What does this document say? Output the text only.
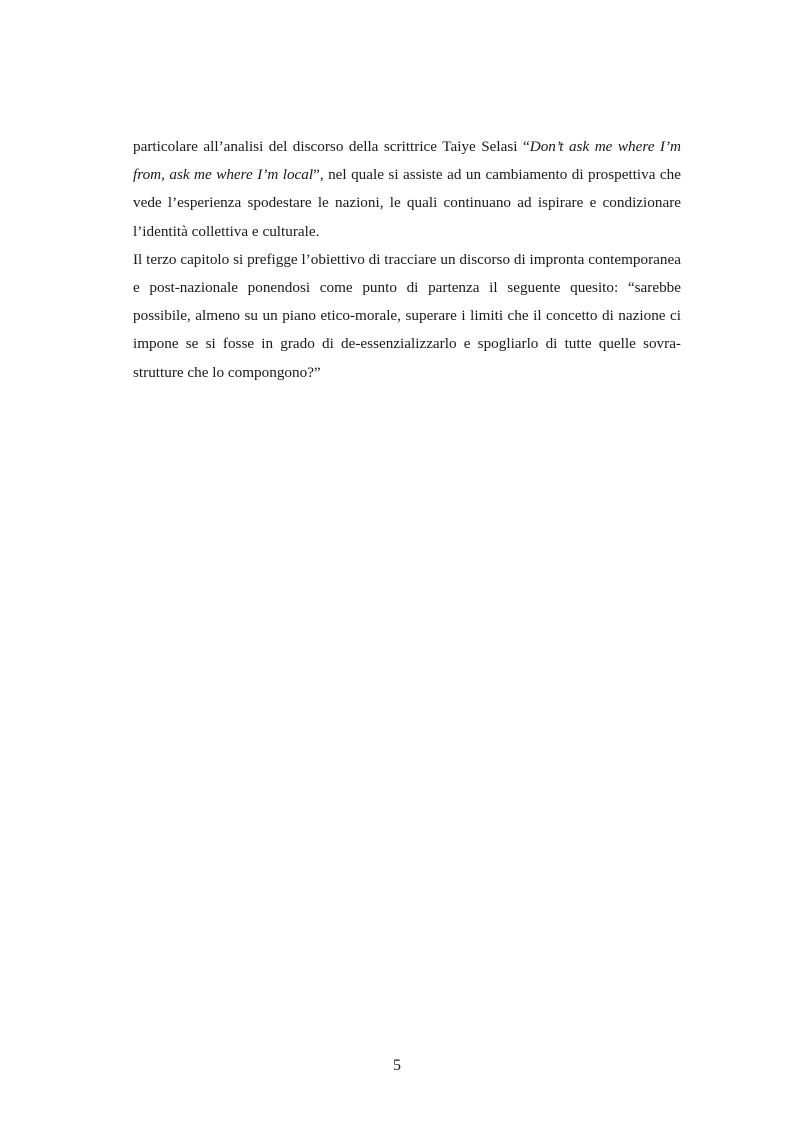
particolare all’analisi del discorso della scrittrice Taiye Selasi “Don’t ask me where I’m from, ask me where I’m local”, nel quale si assiste ad un cambiamento di prospettiva che vede l’esperienza spodestare le nazioni, le quali continuano ad ispirare e condizionare l’identità collettiva e culturale.

Il terzo capitolo si prefigge l’obiettivo di tracciare un discorso di impronta contemporanea e post-nazionale ponendosi come punto di partenza il seguente quesito: “sarebbe possibile, almeno su un piano etico-morale, superare i limiti che il concetto di nazione ci impone se si fosse in grado di de-essenzializzarlo e spogliarlo di tutte quelle sovra-strutture che lo compongono?”

5
